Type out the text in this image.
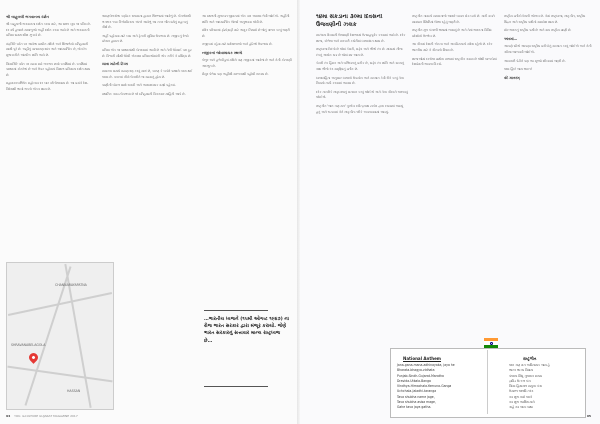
શ્રી બાહુબલી ભગવાનના દર્શન

શ્રી બાહુબલી ભગવાનના દર્શન કરવા માટે, આ સ્થળ ખૂબ જ પવિત્ર છે. દર વર્ષે હજારો યાત્રાળુઓ અહીં દર્શન કરવા આવે છે અને ભગવાનની પ્રતિમા સમક્ષ શીશ ઝુકાવે છે.

ચંદ્રગિરિ પર્વત પર આવેલા પ્રાચીન મંદિરો અને શિલાલેખો ઇતિહાસની સાક્ષી પૂરે છે. અહીંનું વાતાવરણ શાંત અને આધ્યાત્મિક છે, જે દરેક મુલાકાતીને આંતરિક શાંતિ આપે છે.

વિંધ્યગિરિ પર્વત પર ચઢવા માટે લગભગ છસો પગથિયાં છે. પગથિયાં પથ્થરમાં કોતરેલાં છે અને ઉપર પહોંચતાં વિશાળ પ્રતિમાના દર્શન થાય છે.

મહામસ્તકાભિષેક મહોત્સવ દર બાર વર્ષે ઉજવાય છે. આ પ્રસંગે દેશ-વિદેશથી લાખો ભક્તો એકત્ર થાય છે.

SHRAVANABELAGOLA
CHANNARAYAPATNA
HASSAN

શ્રવણબેલગોલા કર્ણાટક રાજ્યના હાસન જિલ્લામાં આવેલું છે. બેંગલોરથી લગભગ ૧૫૦ કિલોમીટરના અંતરે આવેલું આ નગર જૈન ધર્મનું મહત્વનું તીર્થ છે.

અહીં પહોંચવા માટે બસ અને ટ્રેનની સુવિધા ઉપલબ્ધ છે. નજીકનું રેલવે સ્ટેશન હાસન છે.

પ્રતિમા એક જ પથ્થરમાંથી કોતરવામાં આવી છે અને તેની ઊંચાઈ ૫૭ ફૂટ છે. વિશ્વની સૌથી ઊંચી એકાશ્મ પ્રતિમાઓમાંની એક તરીકે તે પ્રસિદ્ધ છે.

યાત્રા માટેની ટિપ્સ

સવારના સમયે ચઢાણ શરૂ કરવું સારું છે, કારણ કે બપોરે પથ્થરો ગરમ થઈ જાય છે. પગરખાં નીચે ઉતારીને જ ચઢવાનું હોય છે.

પાણીની બોટલ સાથે રાખવી અને આરામદાયક વસ્ત્રો પહેરવાં.

સ્થાનિક ગાઇડ ઉપલબ્ધ છે જે ઇતિહાસની વિગતવાર માહિતી આપે છે.

આ સ્થળની મુલાકાત જીવનમાં એક વાર અવશ્ય લેવી જોઈએ. અહીંની શાંતિ અને આધ્યાત્મિક ઊર્જા અનુભવવા જેવી છે.

મંદિર પરિસરમાં ફોટોગ્રાફી માટે અમુક નિયમો છે જેનું પાલન કરવું જરૂરી છે.

નજીકમાં રહેવા માટે ધર્મશાળાઓ અને હોટેલો ઉપલબ્ધ છે.

નજીકનાં જોવાલાયક સ્થળો

બેલુર અને હળેબીડુનાં મંદિરો પણ નજીકમાં આવેલાં છે અને તેની કોતરણી અદભુત છે.

મૈસુર પેલેસ પણ અહીંથી સરળતાથી પહોંચી શકાય છે.

…ભારતીય ધ્વજને (૧૫મી ઓગષ્ટ ૧૯૪૭) ના રોજ ભારત સરકાર દ્વારા મંજૂર કરાયો. જેણે ભારત સરકારનું સત્તાવાર માન્ય રાષ્ટ્રધ્વજ છે…
94 YOU. &CULTURE GUJARAT MAGAZINE 2017
૧૪મા સેંકડાના ૩૦મા દિવસની ઉજવણીની ઝલક

સ્વતંત્રતા દિવસની ઉજવણી દેશભરમાં ઉત્સાહપૂર્વક કરવામાં આવે છે. દરેક શાળા, કોલેજ અને સરકારી કચેરીમાં ધ્વજવંદન થાય છે.

રાષ્ટ્રધ્વજ ત્રિરંગો છે જેમાં કેસરી, સફેદ અને લીલો રંગ છે. મધ્યમાં નીલા રંગનું અશોક ચક્ર છે જેમાં ૨૪ આરા છે.

કેસરી રંગ હિંમત અને બલિદાનનું પ્રતીક છે, સફેદ રંગ શાંતિ અને સત્યનું તથા લીલો રંગ સમૃદ્ધિનું પ્રતીક છે.

ધ્વજસંહિતા અનુસાર ધ્વજનો ઉપયોગ અને સન્માન કેવી રીતે કરવું તેના નિયમો નક્કી કરવામાં આવ્યા છે.

દરેક નાગરિકે રાષ્ટ્રધ્વજનું સન્માન કરવું જોઈએ અને તેના ગૌરવને જાળવવું જોઈએ.

રાષ્ટ્રગીત 'જન ગણ મન' ગુરુદેવ રવીન્દ્રનાથ ટાગોર દ્વારા રચવામાં આવ્યું હતું અને ૧૯૫૦માં તેને રાષ્ટ્રગીત તરીકે અપનાવવામાં આવ્યું.

રાષ્ટ્રગીત ગાવાનો સમયગાળો આશરે બાવન સેકન્ડનો છે. ગાતી વખતે સાવધાન સ્થિતિમાં ઊભા રહેવું જરૂરી છે.

રાષ્ટ્રગીત મૂળ બંગાળી ભાષામાં લખાયું છે અને તેમાં ભારતના વિવિધ પ્રદેશોનો ઉલ્લેખ છે.

આ ગીતમાં દેશની એકતા અને અખંડિતતાનો સંદેશ રહેલો છે. દરેક ભારતીય માટે તે ગૌરવનો વિષય છે.

શાળાઓમાં દરરોજ પ્રાર્થના સભામાં રાષ્ટ્રગીત ગવાય છે જેથી બાળકોમાં દેશપ્રેમની ભાવના વિકસે.

રાષ્ટ્રીય પ્રતીકો દેશની ઓળખ છે. તેમાં રાષ્ટ્રધ્વજ, રાષ્ટ્રગીત, રાષ્ટ્રીય ચિહ્ન અને રાષ્ટ્રીય પક્ષીનો સમાવેશ થાય છે.

મોર ભારતનું રાષ્ટ્રીય પક્ષી છે અને વાઘ રાષ્ટ્રીય પ્રાણી છે.

અંતમાં…

આપણે સૌએ આપણા રાષ્ટ્રીય પ્રતીકોનું સન્માન કરવું જોઈએ અને તેની ગરિમા જાળવવી જોઈએ.

આવનારી પેઢીને પણ આ મૂલ્યો શીખવવાં જરૂરી છે.

જય હિંદ! જય ભારત!

વંદે માતરમ્
95
National Anthem	રાષ્ટ્રગીત
Jana-gana-mana-adhinayaka, jaya he
Bharata-bhagya-vidhata
Punjab-Sindh-Gujarat-Maratha
Dravida-Utkala-Banga
Vindhya-Himachala-Yamuna-Ganga
Uchchala-Jaladhi-taranga
Tava shubha name jage,
Tava shubha asisa mage,
Gahe tava jaya gatha.
જન ગણ મન અધિનાયક જય હે
ભારત ભાગ્ય વિધાતા
પંજાબ સિંધુ ગુજરાત મરાઠા
દ્રાવિડ ઉત્કલ બંગ
વિંધ્ય હિમાચલ યમુના ગંગા
ઉચ્છલ જલધિ તરંગ
તવ શુભ નામે જાગે
તવ શુભ આશિષ માગે
ગાહે તવ જય ગાથા
